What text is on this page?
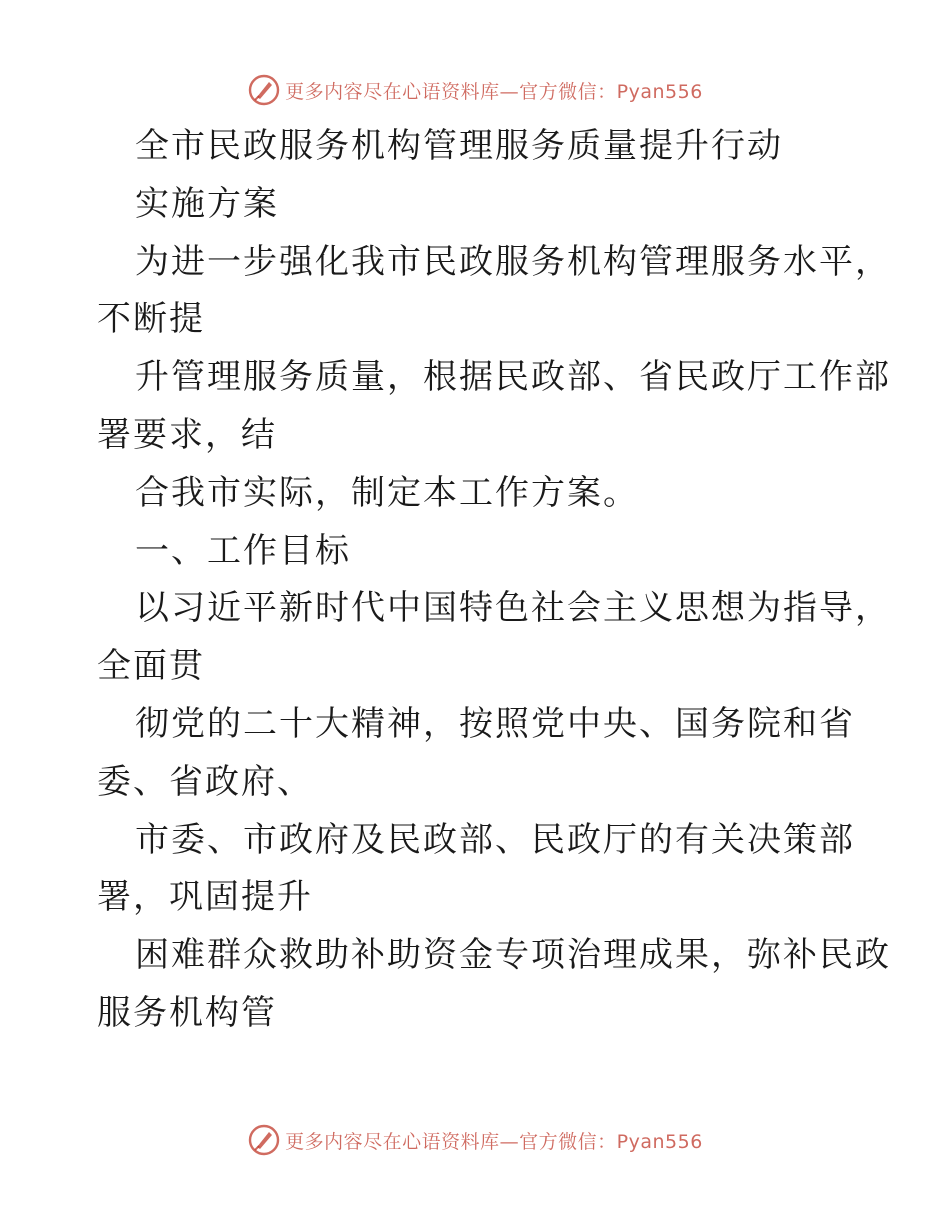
更多内容尽在心语资料库—官方微信：Pyan556
全市民政服务机构管理服务质量提升行动
实施方案
为进一步强化我市民政服务机构管理服务水平，
不断提
升管理服务质量，根据民政部、省民政厅工作部
署要求，结
合我市实际，制定本工作方案。
一、工作目标
以习近平新时代中国特色社会主义思想为指导，
全面贯
彻党的二十大精神，按照党中央、国务院和省
委、省政府、
市委、市政府及民政部、民政厅的有关决策部
署，巩固提升
困难群众救助补助资金专项治理成果，弥补民政
服务机构管
更多内容尽在心语资料库—官方微信：Pyan556
